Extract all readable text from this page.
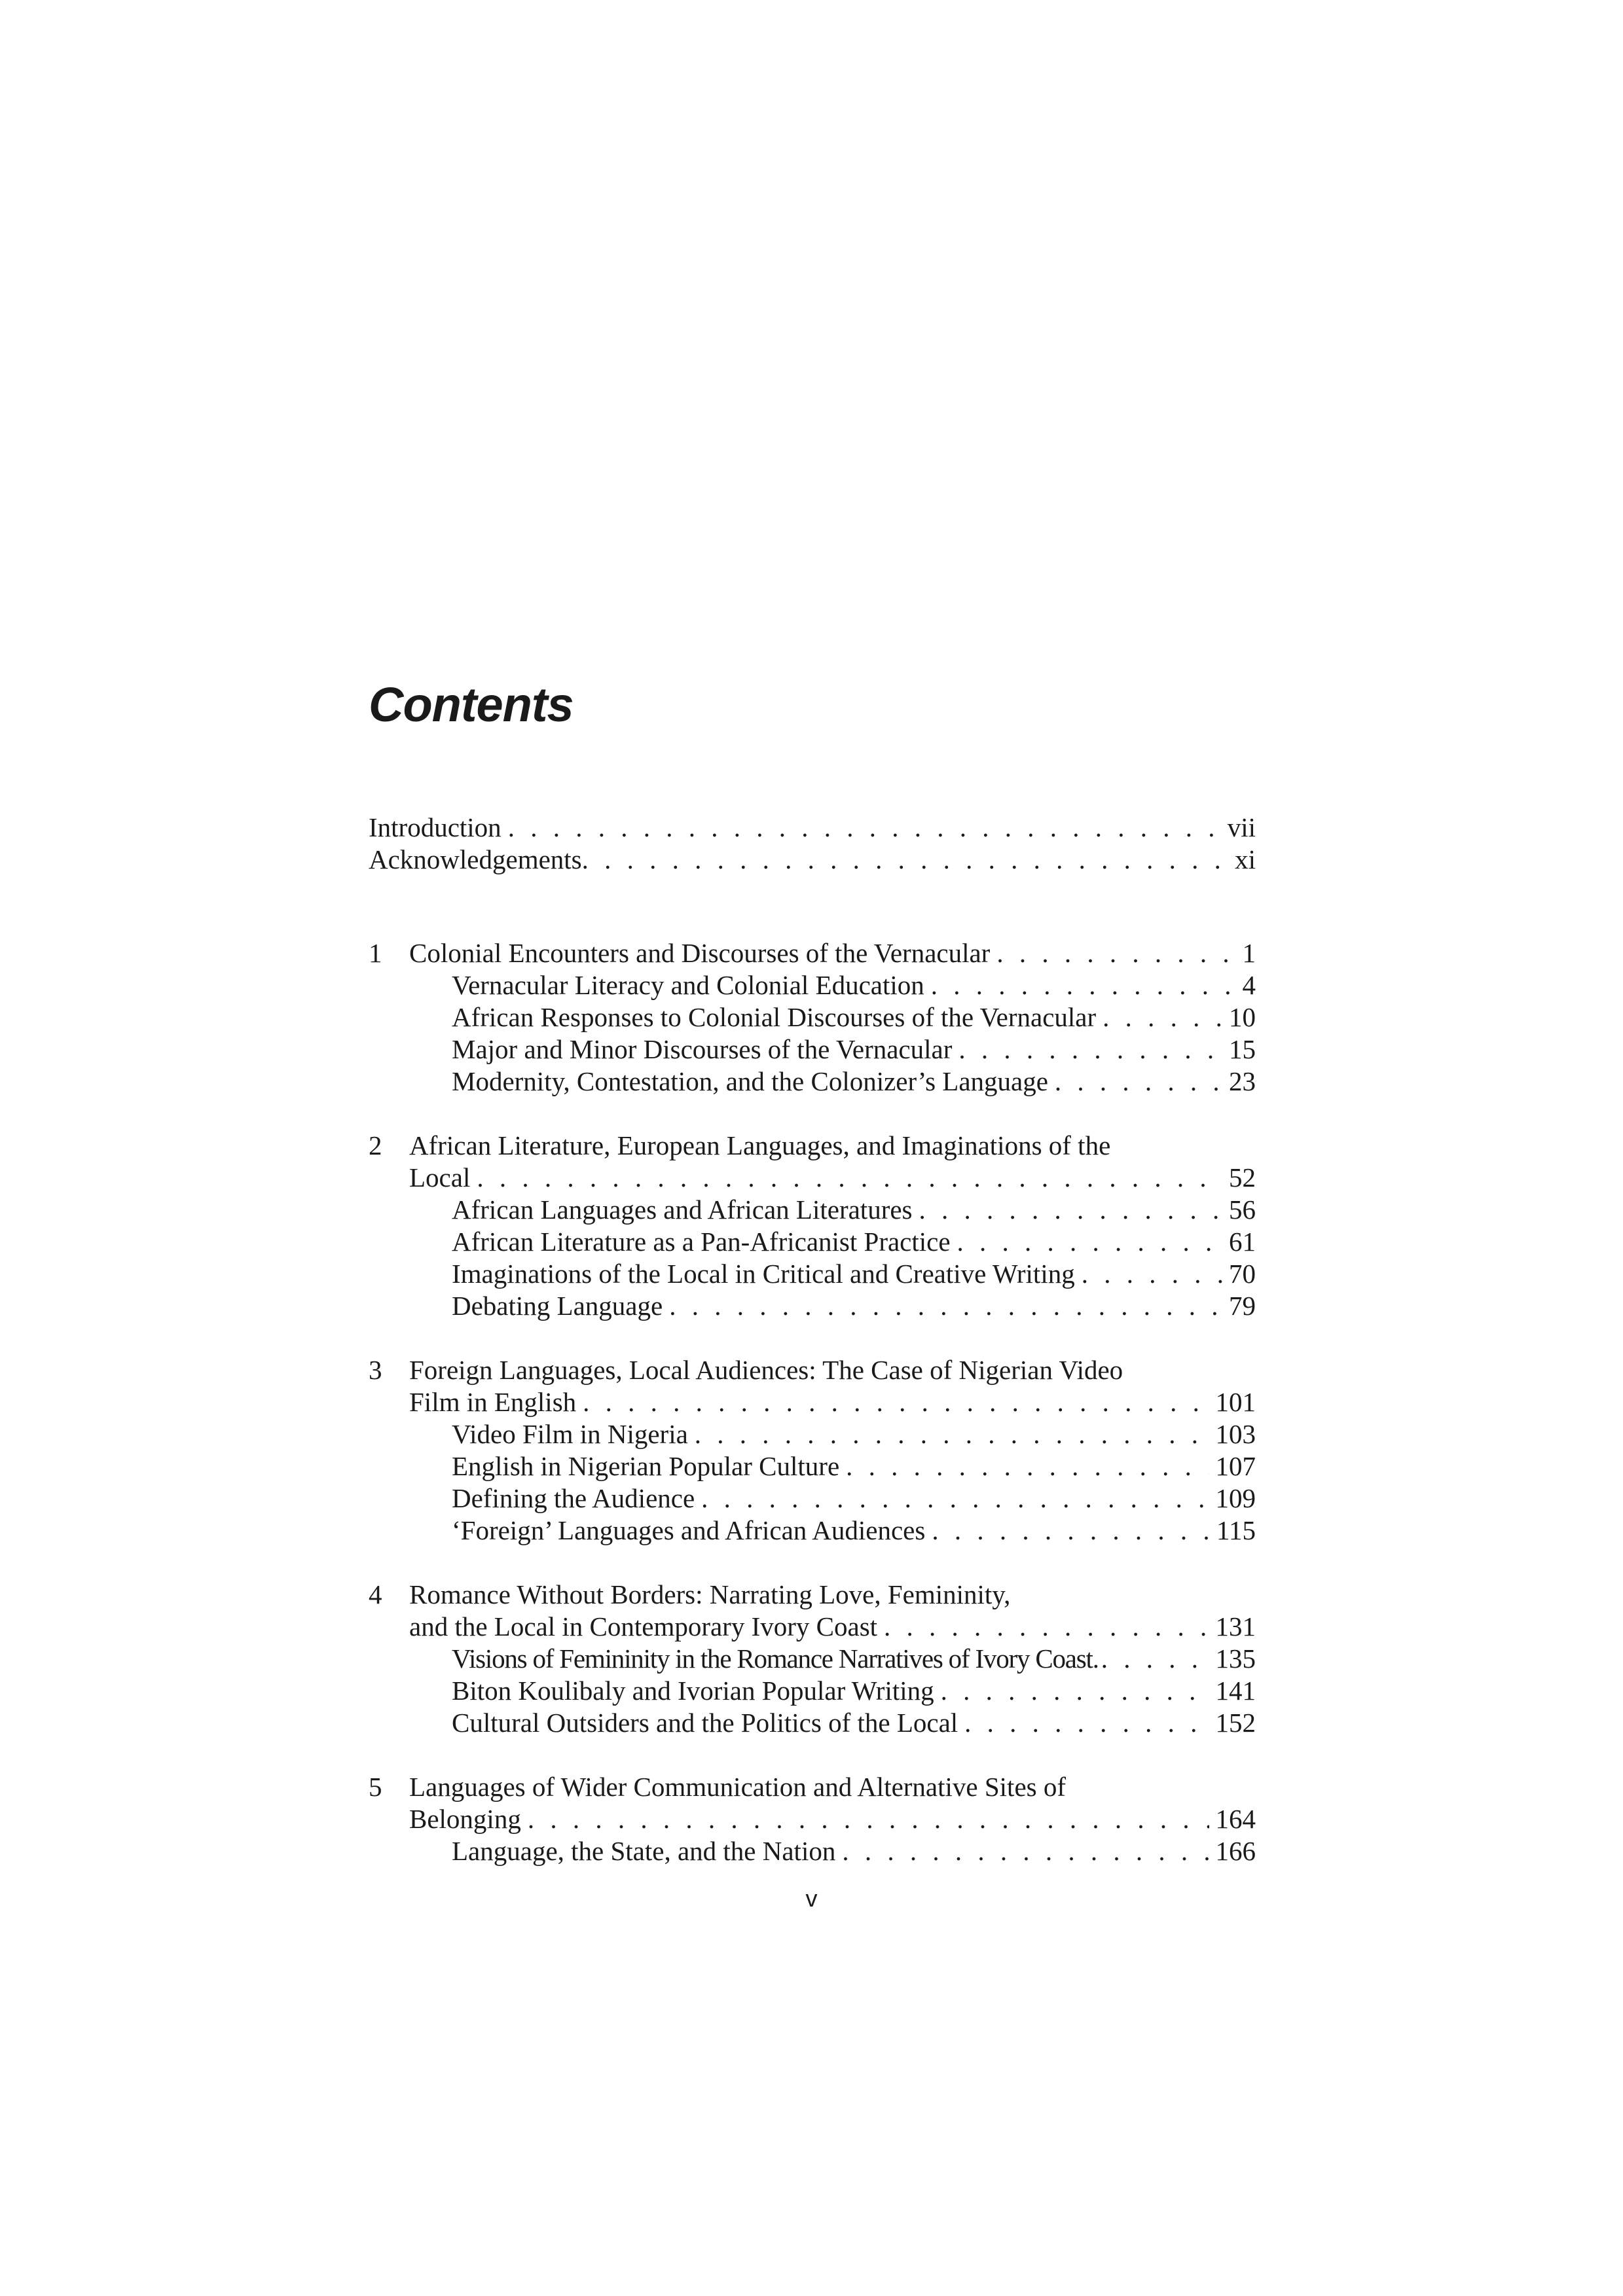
Contents
Introduction . . .	vii
Acknowledgements . . .	xi
1	Colonial Encounters and Discourses of the Vernacular . . .	1
Vernacular Literacy and Colonial Education . . .	4
African Responses to Colonial Discourses of the Vernacular . . .	10
Major and Minor Discourses of the Vernacular . . .	15
Modernity, Contestation, and the Colonizer’s Language . . .	23
2	African Literature, European Languages, and Imaginations of the
Local . . .	52
African Languages and African Literatures . . .	56
African Literature as a Pan-Africanist Practice . . .	61
Imaginations of the Local in Critical and Creative Writing . . .	70
Debating Language . . .	79
3	Foreign Languages, Local Audiences: The Case of Nigerian Video
Film in English . . .	101
Video Film in Nigeria . . .	103
English in Nigerian Popular Culture . . .	107
Defining the Audience . . .	109
‘Foreign’ Languages and African Audiences . . .	115
4	Romance Without Borders: Narrating Love, Femininity,
and the Local in Contemporary Ivory Coast . . .	131
Visions of Femininity in the Romance Narratives of Ivory Coast. . . .	135
Biton Koulibaly and Ivorian Popular Writing . . .	141
Cultural Outsiders and the Politics of the Local . . .	152
5	Languages of Wider Communication and Alternative Sites of
Belonging . . .	164
Language, the State, and the Nation . . .	166
v
